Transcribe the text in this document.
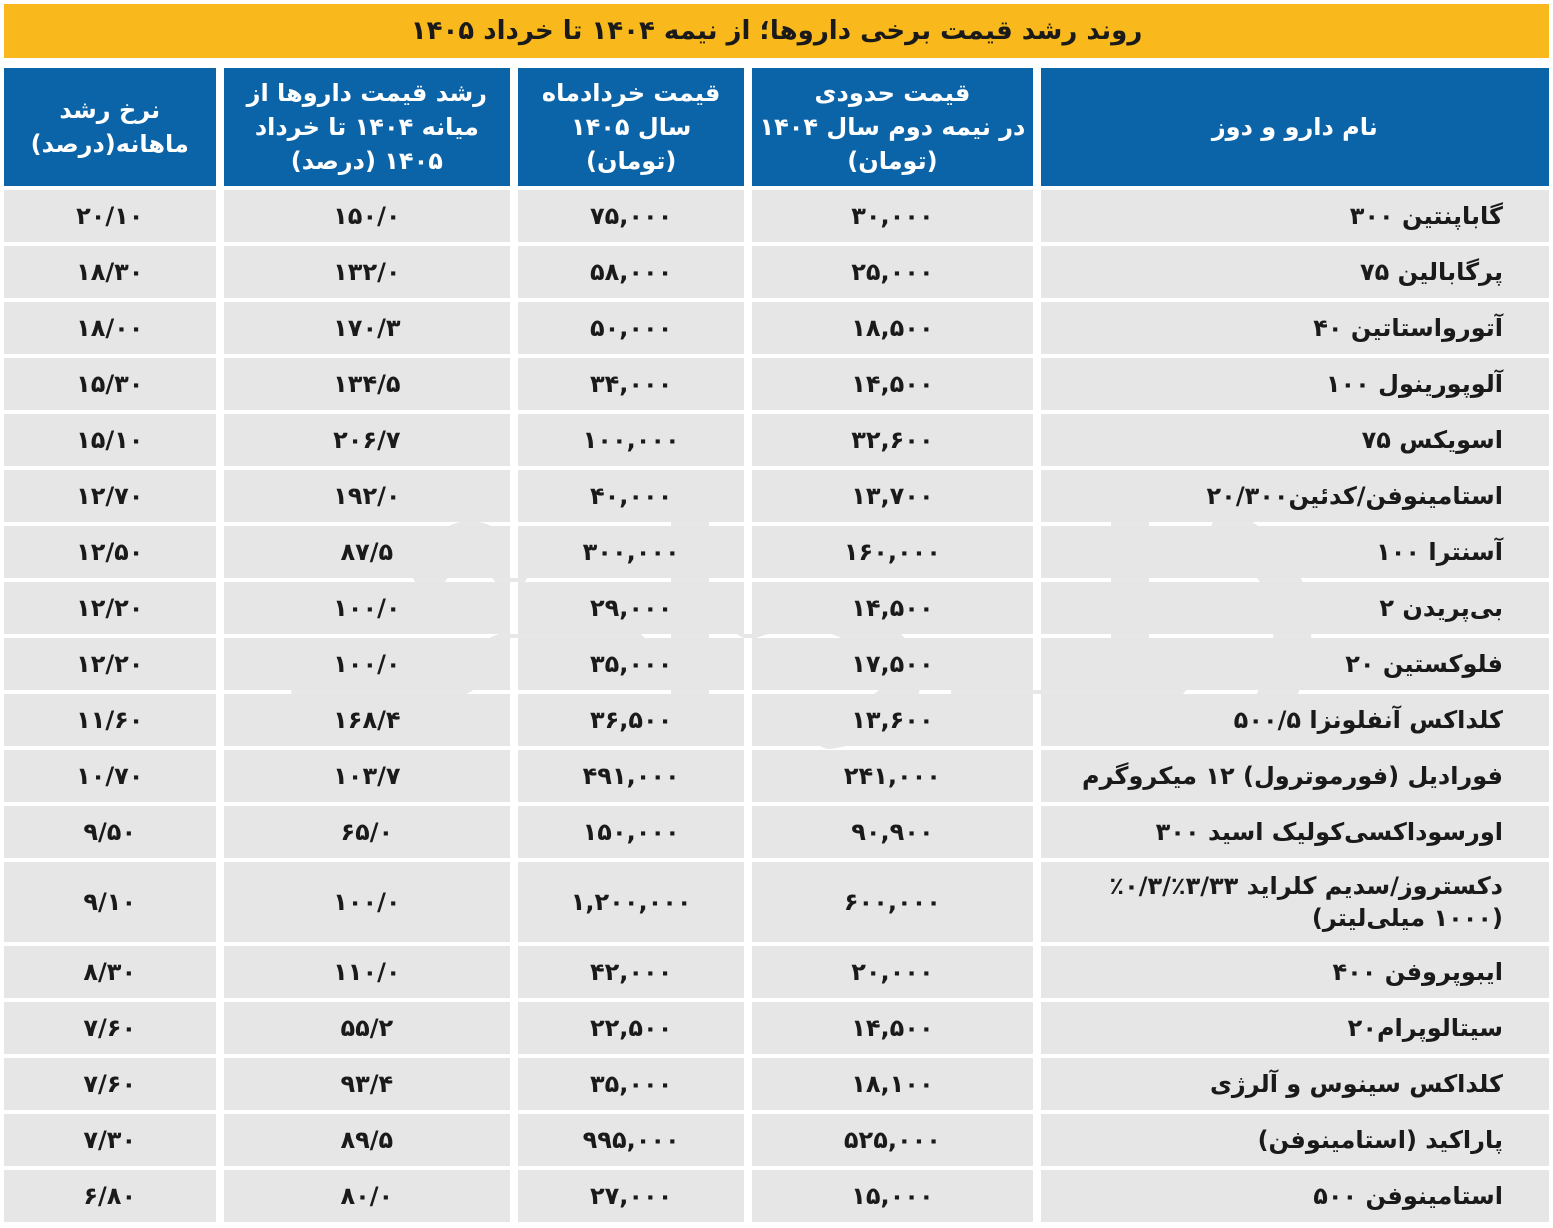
روند رشد قیمت برخی داروها؛ از نیمه ۱۴۰۴ تا خرداد ۱۴۰۵
نام دارو و دوز	قیمت حدودی
در نیمه دوم سال ۱۴۰۴
(تومان)	قیمت خردادماه
سال ۱۴۰۵
(تومان)	رشد قیمت داروها از
میانه ۱۴۰۴ تا خرداد
۱۴۰۵ (درصد)	نرخ رشد
ماهانه(درصد)
گاباپنتین ۳۰۰	۳۰,۰۰۰	۷۵,۰۰۰	۱۵۰/۰	۲۰/۱۰
پرگابالین ۷۵	۲۵,۰۰۰	۵۸,۰۰۰	۱۳۲/۰	۱۸/۳۰
آتورواستاتین ۴۰	۱۸,۵۰۰	۵۰,۰۰۰	۱۷۰/۳	۱۸/۰۰
آلوپورینول ۱۰۰	۱۴,۵۰۰	۳۴,۰۰۰	۱۳۴/۵	۱۵/۳۰
اسویکس ۷۵	۳۲,۶۰۰	۱۰۰,۰۰۰	۲۰۶/۷	۱۵/۱۰
استامینوفن/کدئین۲۰/۳۰۰	۱۳,۷۰۰	۴۰,۰۰۰	۱۹۲/۰	۱۲/۷۰
آسنترا ۱۰۰	۱۶۰,۰۰۰	۳۰۰,۰۰۰	۸۷/۵	۱۲/۵۰
بی‌پریدن ۲	۱۴,۵۰۰	۲۹,۰۰۰	۱۰۰/۰	۱۲/۲۰
فلوکستین ۲۰	۱۷,۵۰۰	۳۵,۰۰۰	۱۰۰/۰	۱۲/۲۰
کلداکس آنفلونزا ۵۰۰/۵	۱۳,۶۰۰	۳۶,۵۰۰	۱۶۸/۴	۱۱/۶۰
فورادیل (فورموترول) ۱۲ میکروگرم	۲۴۱,۰۰۰	۴۹۱,۰۰۰	۱۰۳/۷	۱۰/۷۰
اورسوداکسی‌کولیک اسید ۳۰۰	۹۰,۹۰۰	۱۵۰,۰۰۰	۶۵/۰	۹/۵۰
دکستروز/سدیم کلراید ۳/۳۳٪/۰/۳٪
(۱۰۰۰ میلی‌لیتر)	۶۰۰,۰۰۰	۱,۲۰۰,۰۰۰	۱۰۰/۰	۹/۱۰
ایبوپروفن ۴۰۰	۲۰,۰۰۰	۴۲,۰۰۰	۱۱۰/۰	۸/۳۰
سیتالوپرام۲۰	۱۴,۵۰۰	۲۲,۵۰۰	۵۵/۲	۷/۶۰
کلداکس سینوس و آلرژی	۱۸,۱۰۰	۳۵,۰۰۰	۹۳/۴	۷/۶۰
پاراکید (استامینوفن)	۵۲۵,۰۰۰	۹۹۵,۰۰۰	۸۹/۵	۷/۳۰
استامینوفن ۵۰۰	۱۵,۰۰۰	۲۷,۰۰۰	۸۰/۰	۶/۸۰
